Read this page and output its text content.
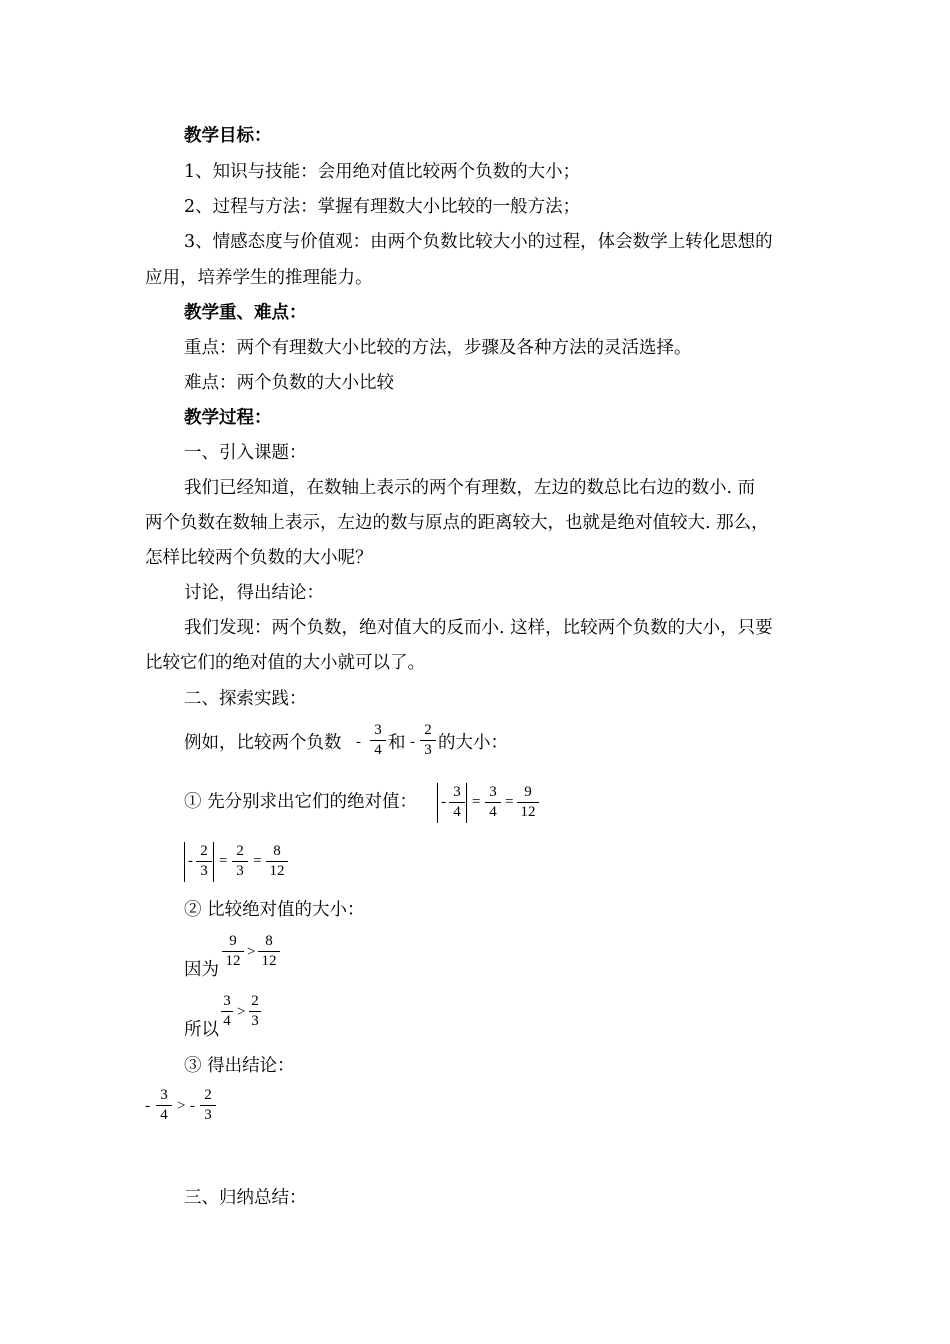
教学目标：
1、知识与技能：会用绝对值比较两个负数的大小；
2、过程与方法：掌握有理数大小比较的一般方法；
3、情感态度与价值观：由两个负数比较大小的过程，体会数学上转化思想的
应用，培养学生的推理能力。
教学重、难点：
重点：两个有理数大小比较的方法，步骤及各种方法的灵活选择。
难点：两个负数的大小比较
教学过程：
一、引入课题：
我们已经知道，在数轴上表示的两个有理数，左边的数总比右边的数小. 而
两个负数在数轴上表示，左边的数与原点的距离较大，也就是绝对值较大. 那么，
怎样比较两个负数的大小呢？
讨论，得出结论：
我们发现：两个负数，绝对值大的反而小. 这样，比较两个负数的大小，只要
比较它们的绝对值的大小就可以了。
二、探索实践：
例如，比较两个负数 -
3
4 和 -
2
3 的大小：
① 先分别求出它们的绝对值： -
3
4
=
3
4
=
9
12
-
2
3
=
2
3
=
8
12
② 比较绝对值的大小：
因为
9
12
>
8
12
所以
3
4
>
2
3
③ 得出结论：
-
3
4
> -
2
3
三、归纳总结：
